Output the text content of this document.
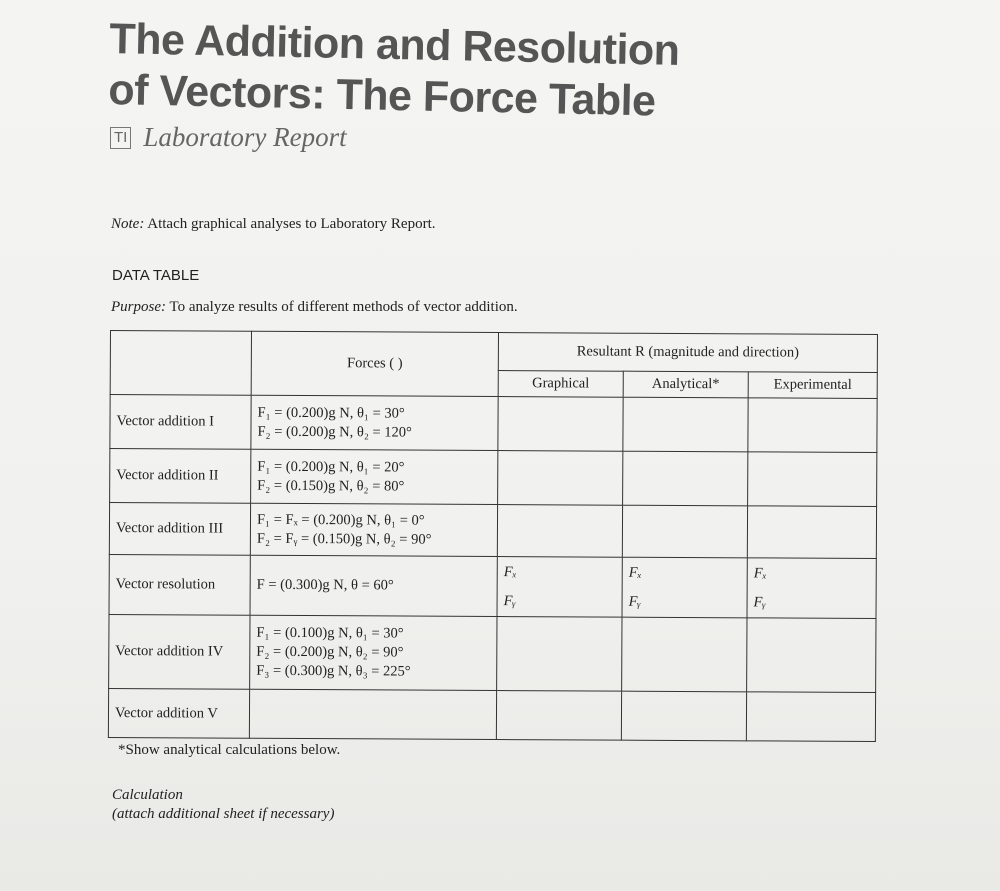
The Addition and Resolution
of Vectors: The Force Table
TI Laboratory Report
Note: Attach graphical analyses to Laboratory Report.
DATA TABLE
Purpose: To analyze results of different methods of vector addition.
	Forces ( )	Resultant R (magnitude and direction)		
		Graphical	Analytical*	Experimental
Vector addition I	F₁ = (0.200)g N, θ₁ = 30°
F₂ = (0.200)g N, θ₂ = 120°			

Vector addition II	F₁ = (0.200)g N, θ₁ = 20°
F₂ = (0.150)g N, θ₂ = 80°			

Vector addition III	F₁ = Fₓ = (0.200)g N, θ₁ = 0°
F₂ = Fᵧ = (0.150)g N, θ₂ = 90°			

Vector resolution	F = (0.300)g N, θ = 60°	Fₓ
Fᵧ	Fₓ
Fᵧ	Fₓ
Fᵧ

Vector addition IV	F₁ = (0.100)g N, θ₁ = 30°
F₂ = (0.200)g N, θ₂ = 90°
F₃ = (0.300)g N, θ₃ = 225°			

Vector addition V				
*Show analytical calculations below.
Calculation
(attach additional sheet if necessary)
